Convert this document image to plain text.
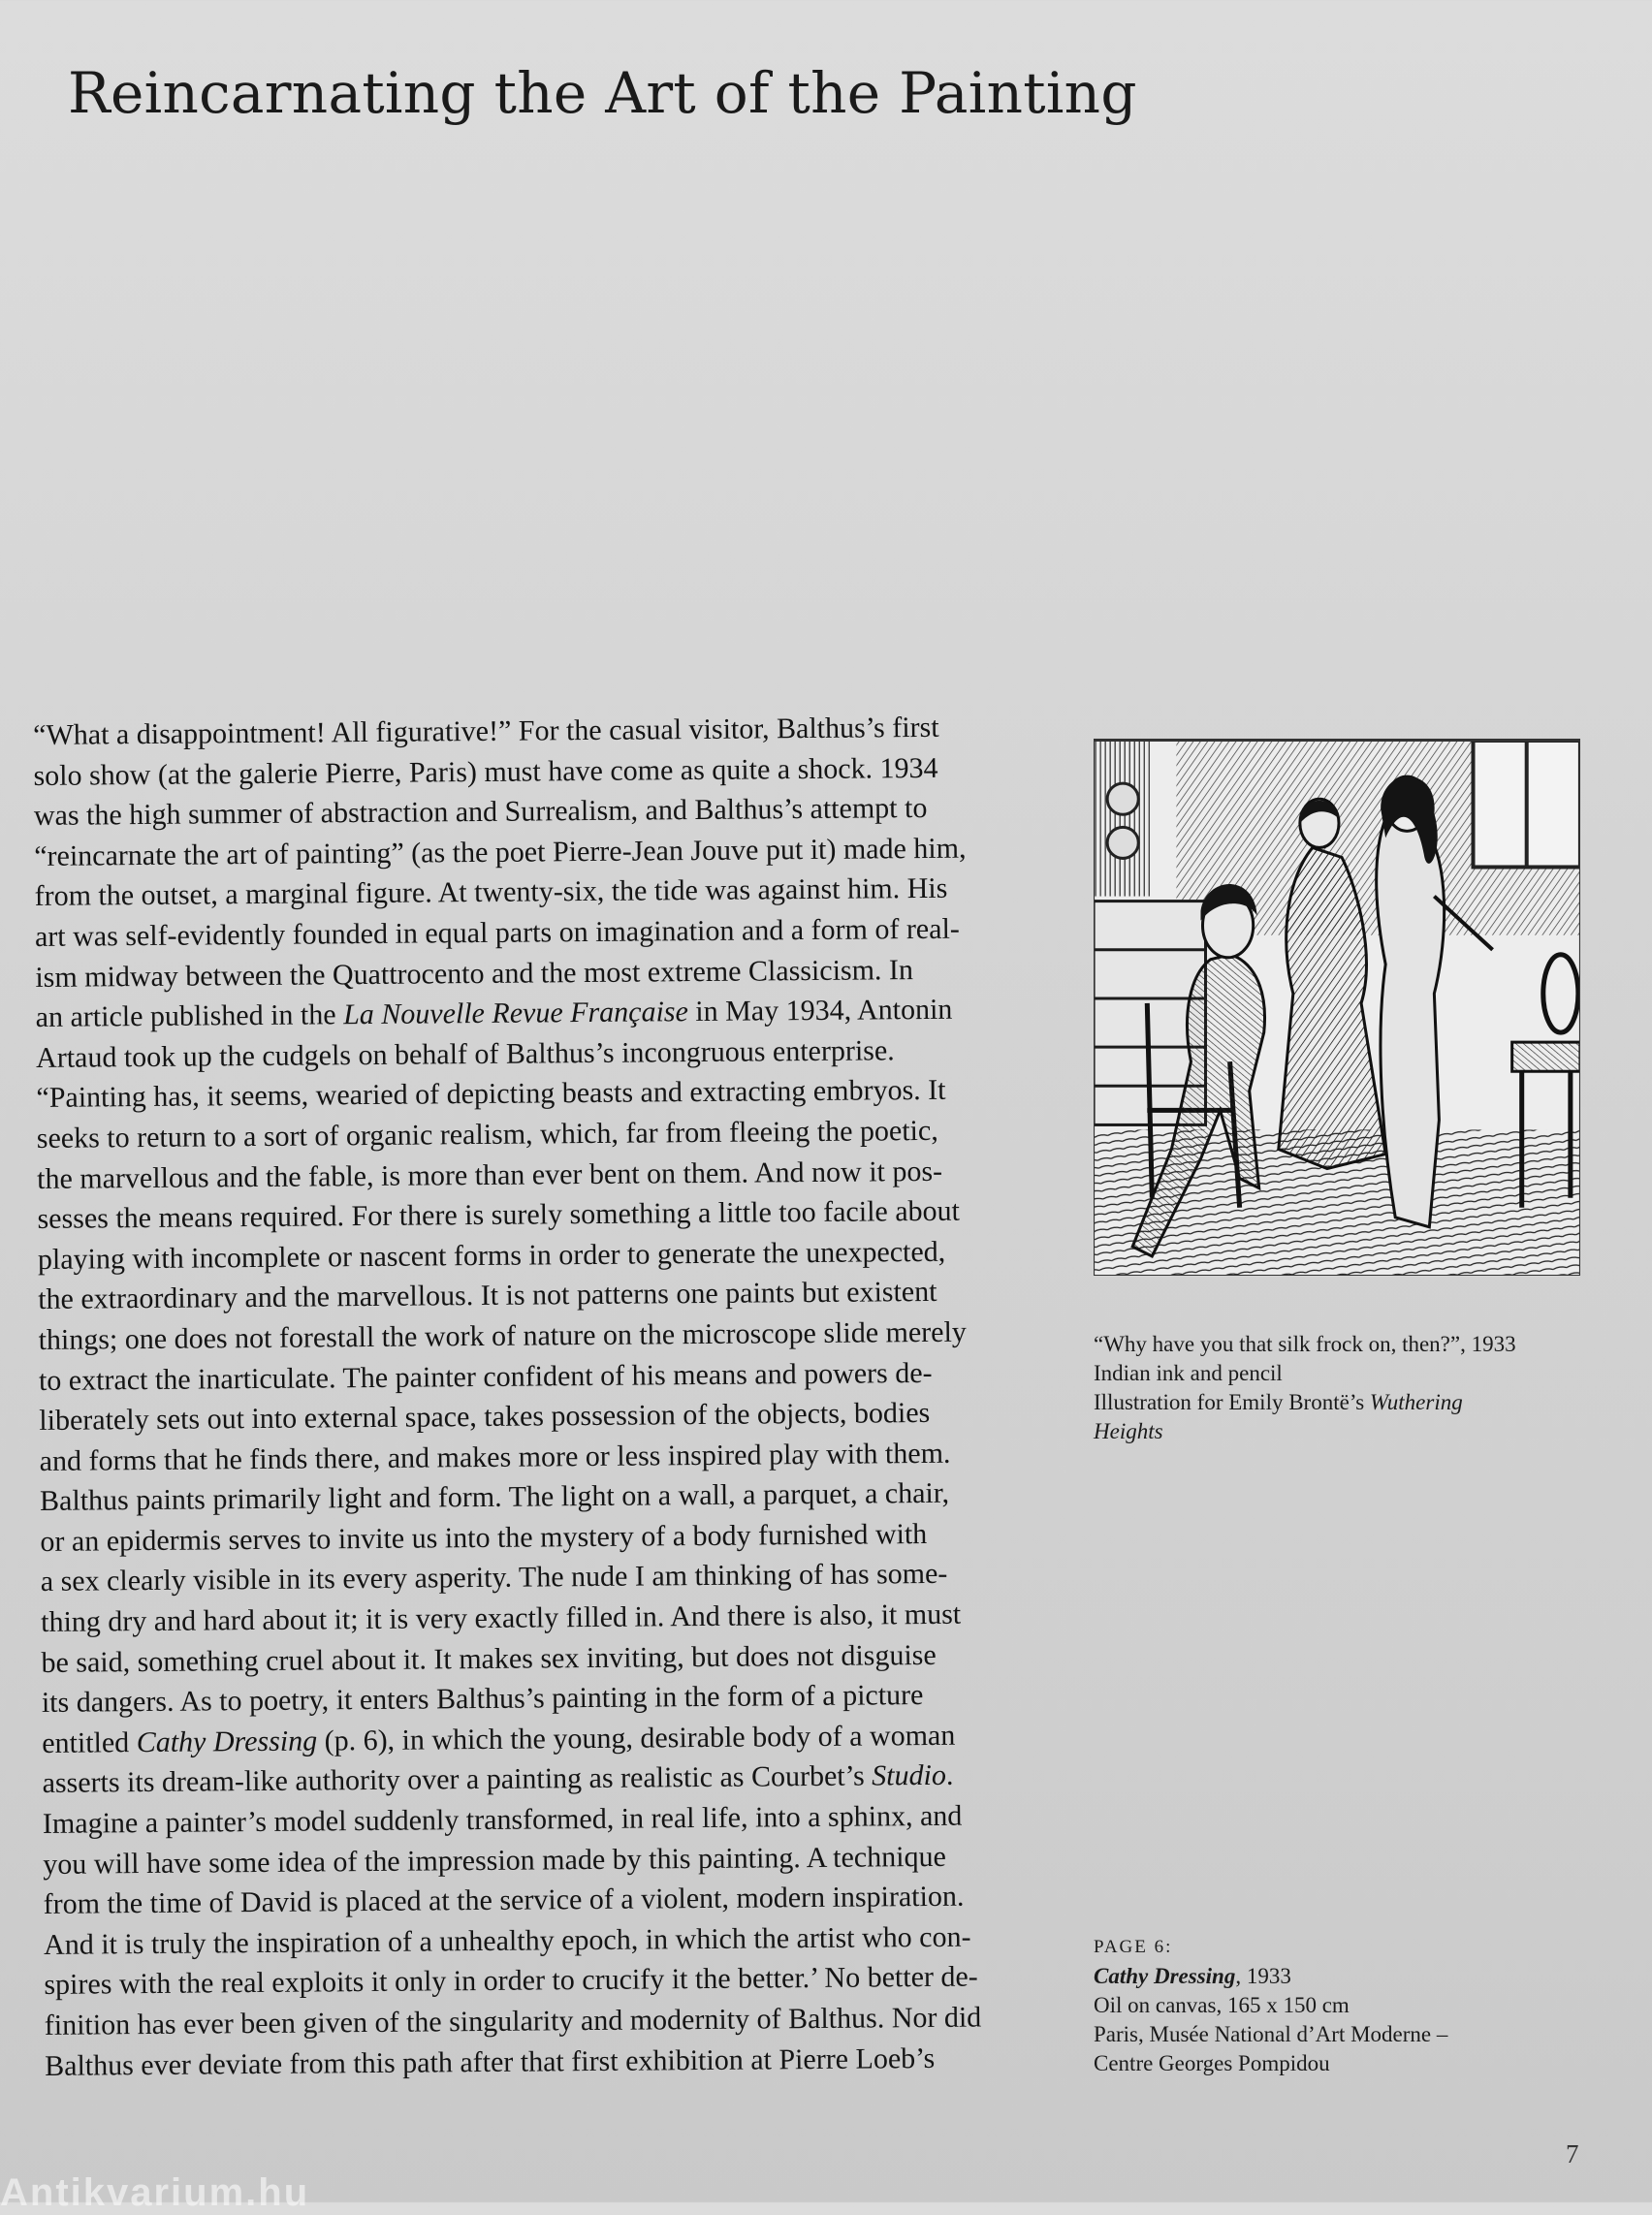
Reincarnating the Art of the Painting

“What a disappointment! All figurative!” For the casual visitor, Balthus’s first

solo show (at the galerie Pierre, Paris) must have come as quite a shock. 1934

was the high summer of abstraction and Surrealism, and Balthus’s attempt to

“reincarnate the art of painting” (as the poet Pierre-Jean Jouve put it) made him,

from the outset, a marginal figure. At twenty-six, the tide was against him. His

art was self-evidently founded in equal parts on imagination and a form of real-

ism midway between the Quattrocento and the most extreme Classicism. In

an article published in the La Nouvelle Revue Française in May 1934, Antonin

Artaud took up the cudgels on behalf of Balthus’s incongruous enterprise.

“Painting has, it seems, wearied of depicting beasts and extracting embryos. It

seeks to return to a sort of organic realism, which, far from fleeing the poetic,

the marvellous and the fable, is more than ever bent on them. And now it pos-

sesses the means required. For there is surely something a little too facile about

playing with incomplete or nascent forms in order to generate the unexpected,

the extraordinary and the marvellous. It is not patterns one paints but existent

things; one does not forestall the work of nature on the microscope slide merely

to extract the inarticulate. The painter confident of his means and powers de-

liberately sets out into external space, takes possession of the objects, bodies

and forms that he finds there, and makes more or less inspired play with them.

Balthus paints primarily light and form. The light on a wall, a parquet, a chair,

or an epidermis serves to invite us into the mystery of a body furnished with

a sex clearly visible in its every asperity. The nude I am thinking of has some-

thing dry and hard about it; it is very exactly filled in. And there is also, it must

be said, something cruel about it. It makes sex inviting, but does not disguise

its dangers. As to poetry, it enters Balthus’s painting in the form of a picture

entitled Cathy Dressing (p. 6), in which the young, desirable body of a woman

asserts its dream-like authority over a painting as realistic as Courbet’s Studio.

Imagine a painter’s model suddenly transformed, in real life, into a sphinx, and

you will have some idea of the impression made by this painting. A technique

from the time of David is placed at the service of a violent, modern inspiration.

And it is truly the inspiration of a unhealthy epoch, in which the artist who con-

spires with the real exploits it only in order to crucify it the better.’ No better de-

finition has ever been given of the singularity and modernity of Balthus. Nor did

Balthus ever deviate from this path after that first exhibition at Pierre Loeb’s

“Why have you that silk frock on, then?”, 1933
Indian ink and pencil
Illustration for Emily Brontë’s Wuthering
Heights
PAGE 6:
Cathy Dressing, 1933
Oil on canvas, 165 x 150 cm
Paris, Musée National d’Art Moderne –
Centre Georges Pompidou
7
Antikvarium.hu
